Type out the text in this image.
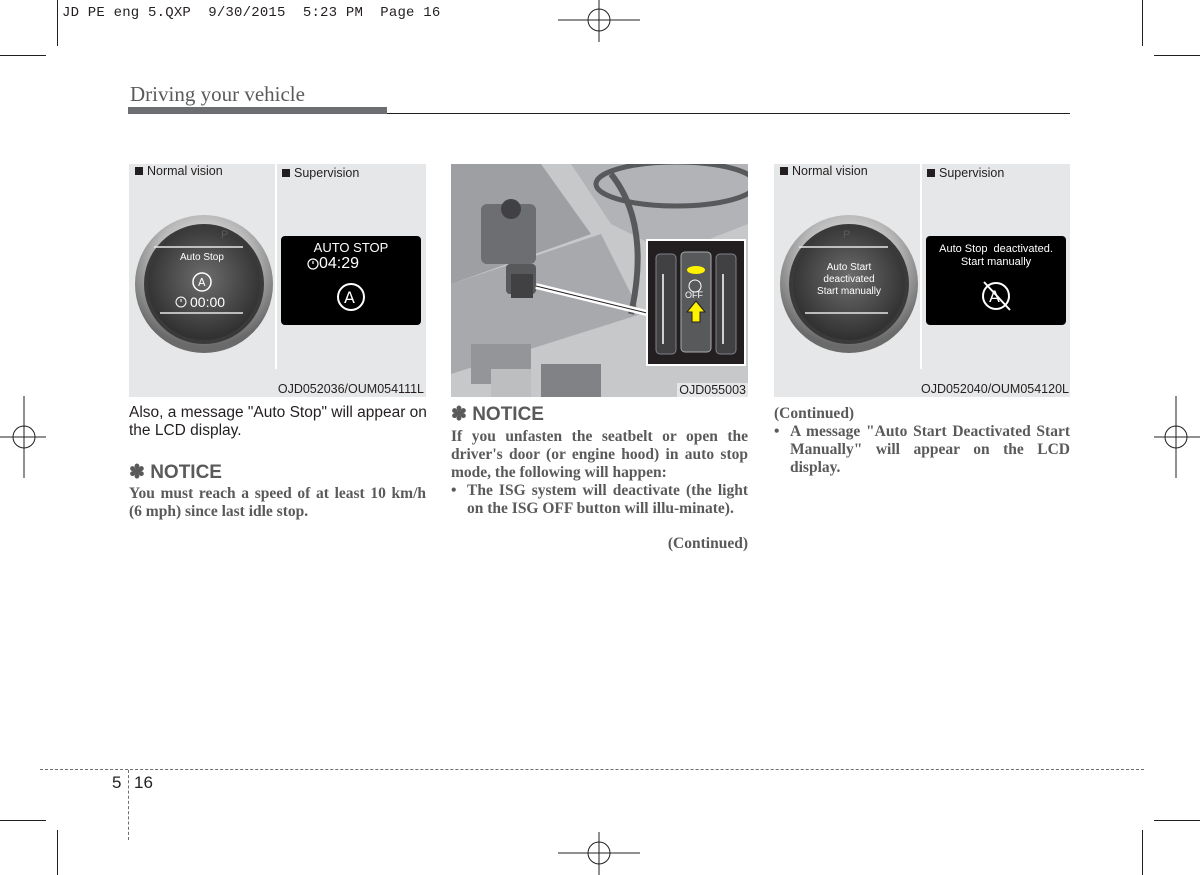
JD PE eng 5.QXP  9/30/2015  5:23 PM  Page 16
Driving your vehicle
Normal vision	Supervision
P
A
Auto Stop
00:00
AUTO STOP
04:29
A
OJD052036/OUM054111L
OFF
OJD055003
Normal vision	Supervision
P
Auto Start
deactivated
Start manually
Auto Stop  deactivated.
Start manually
A
OJD052040/OUM054120L
Also, a message "Auto Stop" will appear on the LCD display.
✽ NOTICE
You must reach a speed of at least 10 km/h (6 mph) since last idle stop.
✽ NOTICE
If you unfasten the seatbelt or open the driver's door (or engine hood) in auto stop mode, the following will happen:
• The ISG system will deactivate (the light on the ISG OFF button will illu-minate).
(Continued)
(Continued)
• A message "Auto Start Deactivated Start Manually" will appear on the LCD display.
5 16
